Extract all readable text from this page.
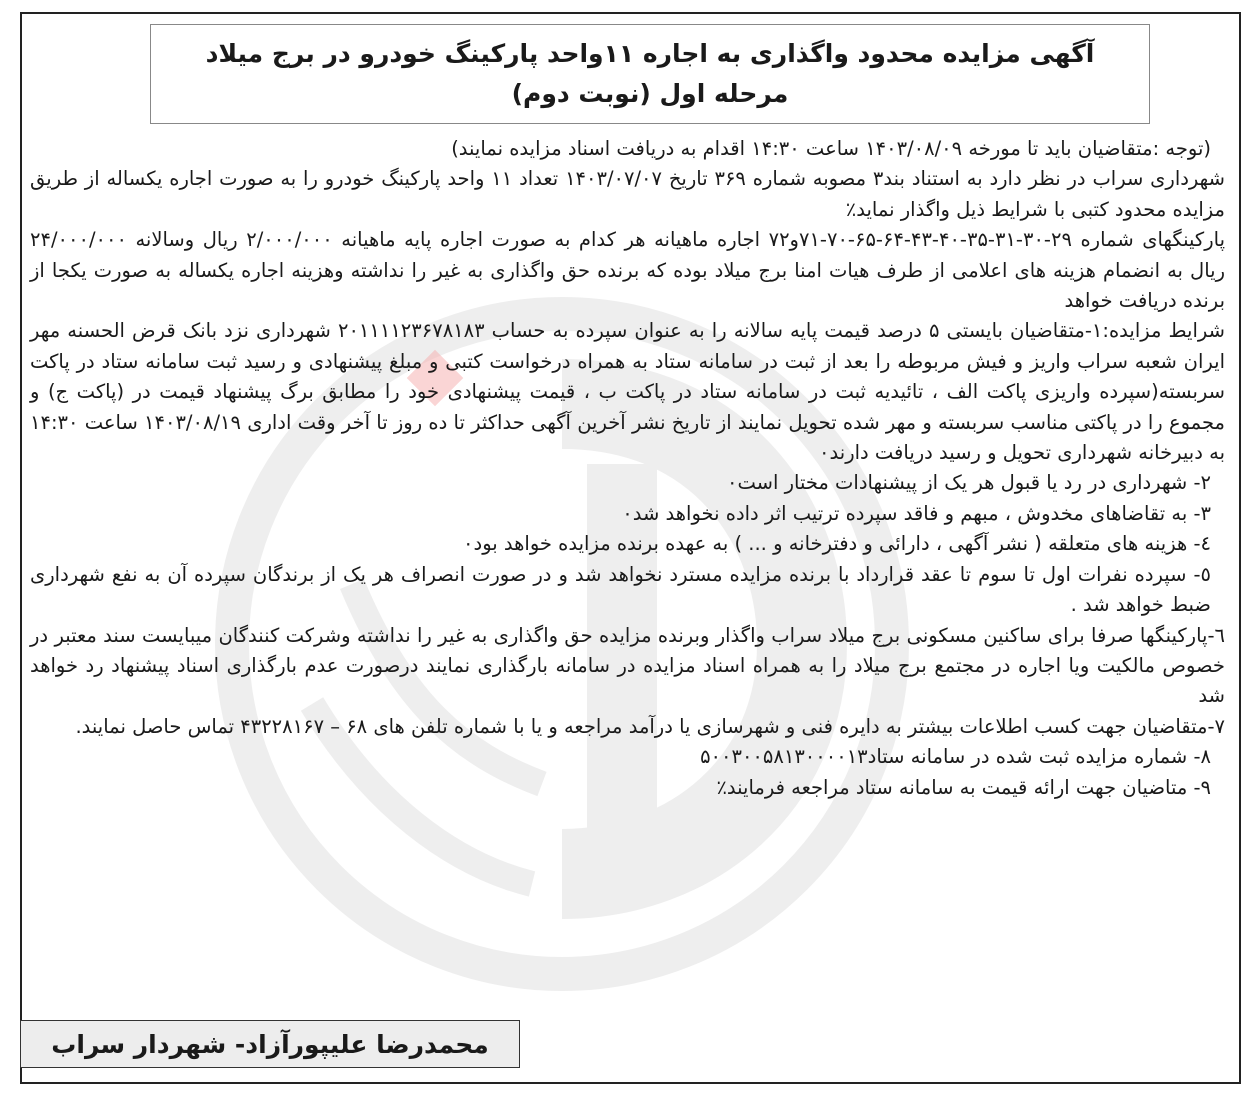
آگهی مزایده محدود واگذاری به اجاره ۱۱واحد پارکینگ خودرو در برج میلاد
مرحله اول (نوبت دوم)

(توجه :متقاضیان باید تا مورخه ۱۴۰۳/۰۸/۰۹ ساعت ۱۴:۳۰ اقدام به دریافت اسناد مزایده نمایند)

شهرداری سراب در نظر دارد به استناد بند۳ مصوبه شماره ۳۶۹ تاریخ ۱۴۰۳/۰۷/۰۷ تعداد ۱۱ واحد پارکینگ خودرو را به صورت اجاره یکساله از طریق مزایده محدود کتبی با شرایط ذیل واگذار نماید٪

پارکینگهای شماره ۲۹-۳۰-۳۱-۳۵-۴۰-۴۳-۶۴-۶۵-۷۰-۷۱و۷۲ اجاره ماهیانه هر کدام به صورت اجاره پایه ماهیانه ۲/۰۰۰/۰۰۰ ریال وسالانه ۲۴/۰۰۰/۰۰۰ ریال به انضمام هزینه های اعلامی از طرف هیات امنا برج میلاد بوده که برنده حق واگذاری به غیر را نداشته وهزینه اجاره یکساله به صورت یکجا از برنده دریافت خواهد

شرایط مزایده:۱-متقاضیان بایستی ۵ درصد قیمت پایه سالانه را به عنوان سپرده به حساب ۲۰۱۱۱۱۲۳۶۷۸۱۸۳ شهرداری نزد بانک قرض الحسنه مهر ایران شعبه سراب واریز و فیش مربوطه را بعد از ثبت در سامانه ستاد به همراه درخواست کتبی و مبلغ پیشنهادی و رسید ثبت سامانه ستاد در پاکت سربسته(سپرده واریزی پاکت الف ، تائیدیه ثبت در سامانه ستاد در پاکت ب ، قیمت پیشنهادی خود را مطابق برگ پیشنهاد قیمت در (پاکت ج) و مجموع را در پاکتی مناسب سربسته و مهر شده تحویل نمایند از تاریخ نشر آخرین آگهی حداکثر تا ده روز تا آخر وقت اداری ۱۴۰۳/۰۸/۱۹ ساعت ۱۴:۳۰ به دبیرخانه شهرداری تحویل و رسید دریافت دارند٠

۲- شهرداری در رد یا قبول هر یک از پیشنهادات مختار است٠

۳- به تقاضاهای مخدوش ، مبهم و فاقد سپرده ترتیب اثر داده نخواهد شد٠

٤- هزینه های متعلقه ( نشر آگهی ، دارائی و دفترخانه و ... ) به عهده برنده مزایده خواهد بود٠

٥- سپرده نفرات اول تا سوم تا عقد قرارداد با برنده مزایده مسترد نخواهد شد و در صورت انصراف هر یک از برندگان سپرده آن به نفع شهرداری ضبط خواهد شد .

٦-پارکینگها صرفا برای ساکنین مسکونی برج میلاد سراب واگذار وبرنده مزایده حق واگذاری به غیر را نداشته وشرکت کنندگان میبایست سند معتبر در خصوص مالکیت ویا اجاره در مجتمع برج میلاد را به همراه اسناد مزایده در سامانه بارگذاری نمایند درصورت عدم بارگذاری اسناد پیشنهاد رد خواهد شد

۷-متقاضیان جهت کسب اطلاعات بیشتر به دایره فنی و شهرسازی یا درآمد مراجعه و یا با شماره تلفن های ۶۸ – ۴۳۲۲۸۱۶۷ تماس حاصل نمایند.

۸- شماره مزایده ثبت شده در سامانه ستاد۵۰۰۳۰۰۵۸۱۳۰۰۰۰۱۳

۹- متاضیان جهت ارائه قیمت به سامانه ستاد مراجعه فرمایند٪

محمدرضا علیپورآزاد- شهردار سراب
